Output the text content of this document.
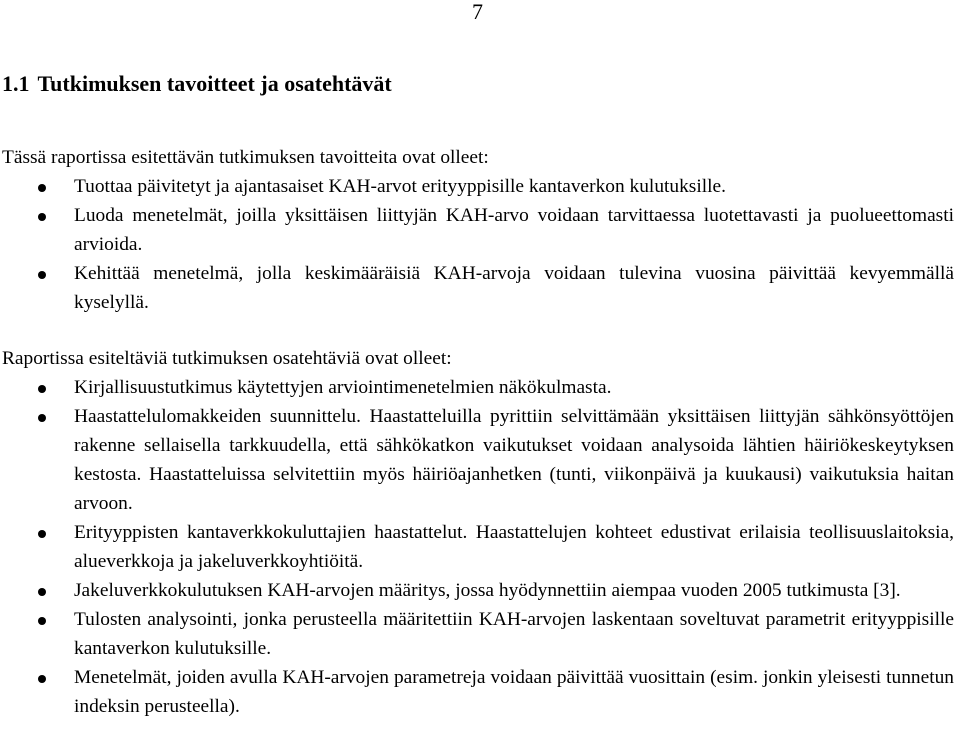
7
1.1 Tutkimuksen tavoitteet ja osatehtävät

Tässä raportissa esitettävän tutkimuksen tavoitteita ovat olleet:

Tuottaa päivitetyt ja ajantasaiset KAH-arvot erityyppisille kantaverkon kulutuksille.
Luoda menetelmät, joilla yksittäisen liittyjän KAH-arvo voidaan tarvittaessa luotettavasti ja puolueettomasti arvioida.
Kehittää menetelmä, jolla keskimääräisiä KAH-arvoja voidaan tulevina vuosina päivittää kevyemmällä kyselyllä.

Raportissa esiteltäviä tutkimuksen osatehtäviä ovat olleet:

Kirjallisuustutkimus käytettyjen arviointimenetelmien näkökulmasta.
Haastattelulomakkeiden suunnittelu. Haastatteluilla pyrittiin selvittämään yksittäisen liittyjän sähkönsyöttöjen rakenne sellaisella tarkkuudella, että sähkökatkon vaikutukset voidaan analysoida lähtien häiriökeskeytyksen kestosta. Haastatteluissa selvitettiin myös häiriöajanhetken (tunti, viikonpäivä ja kuukausi) vaikutuksia haitan arvoon.
Erityyppisten kantaverkkokuluttajien haastattelut. Haastattelujen kohteet edustivat erilaisia teollisuuslaitoksia, alueverkkoja ja jakeluverkkoyhtiöitä.
Jakeluverkkokulutuksen KAH-arvojen määritys, jossa hyödynnettiin aiempaa vuoden 2005 tutkimusta [3].
Tulosten analysointi, jonka perusteella määritettiin KAH-arvojen laskentaan soveltuvat parametrit erityyppisille kantaverkon kulutuksille.
Menetelmät, joiden avulla KAH-arvojen parametreja voidaan päivittää vuosittain (esim. jonkin yleisesti tunnetun indeksin perusteella).
